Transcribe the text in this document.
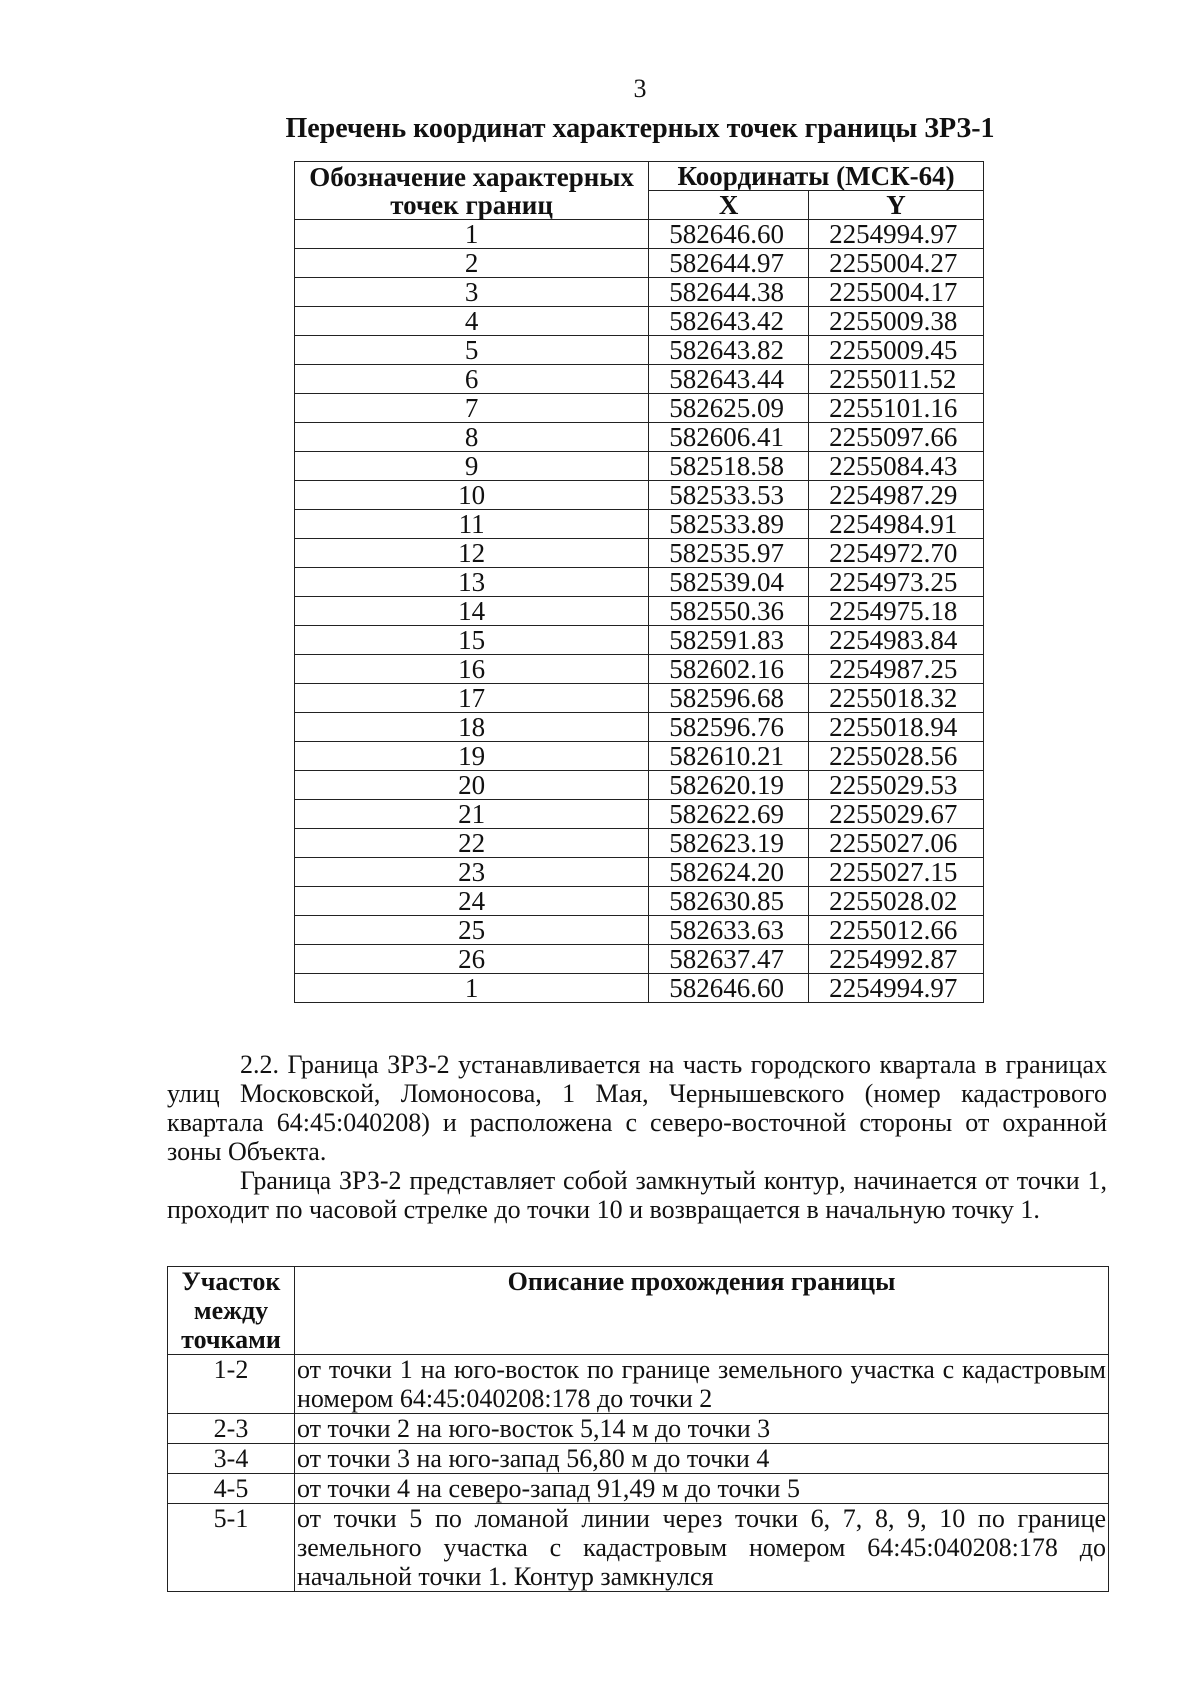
3
Перечень координат характерных точек границы ЗРЗ-1
Обозначение характерных точек границ	Координаты (МСК-64)	
	X	Y
1	582646.60	2254994.97
2	582644.97	2255004.27
3	582644.38	2255004.17
4	582643.42	2255009.38
5	582643.82	2255009.45
6	582643.44	2255011.52
7	582625.09	2255101.16
8	582606.41	2255097.66
9	582518.58	2255084.43
10	582533.53	2254987.29
11	582533.89	2254984.91
12	582535.97	2254972.70
13	582539.04	2254973.25
14	582550.36	2254975.18
15	582591.83	2254983.84
16	582602.16	2254987.25
17	582596.68	2255018.32
18	582596.76	2255018.94
19	582610.21	2255028.56
20	582620.19	2255029.53
21	582622.69	2255029.67
22	582623.19	2255027.06
23	582624.20	2255027.15
24	582630.85	2255028.02
25	582633.63	2255012.66
26	582637.47	2254992.87
1	582646.60	2254994.97

2.2. Граница ЗРЗ-2 устанавливается на часть городского квартала в границах улиц Московской, Ломоносова, 1 Мая, Чернышевского (номер кадастрового квартала 64:45:040208) и расположена с северо-восточной стороны от охранной зоны Объекта.

Граница ЗРЗ-2 представляет собой замкнутый контур, начинается от точки 1, проходит по часовой стрелке до точки 10 и возвращается в начальную точку 1.

Участок между точками	Описание прохождения границы
1-2	от точки 1 на юго-восток по границе земельного участка с кадастровым номером 64:45:040208:178 до точки 2
2-3	от точки 2 на юго-восток 5,14 м до точки 3
3-4	от точки 3 на юго-запад 56,80 м до точки 4
4-5	от точки 4 на северо-запад 91,49 м до точки 5
5-1	от точки 5 по ломаной линии через точки 6, 7, 8, 9, 10 по границе земельного участка с кадастровым номером 64:45:040208:178 до начальной точки 1. Контур замкнулся
